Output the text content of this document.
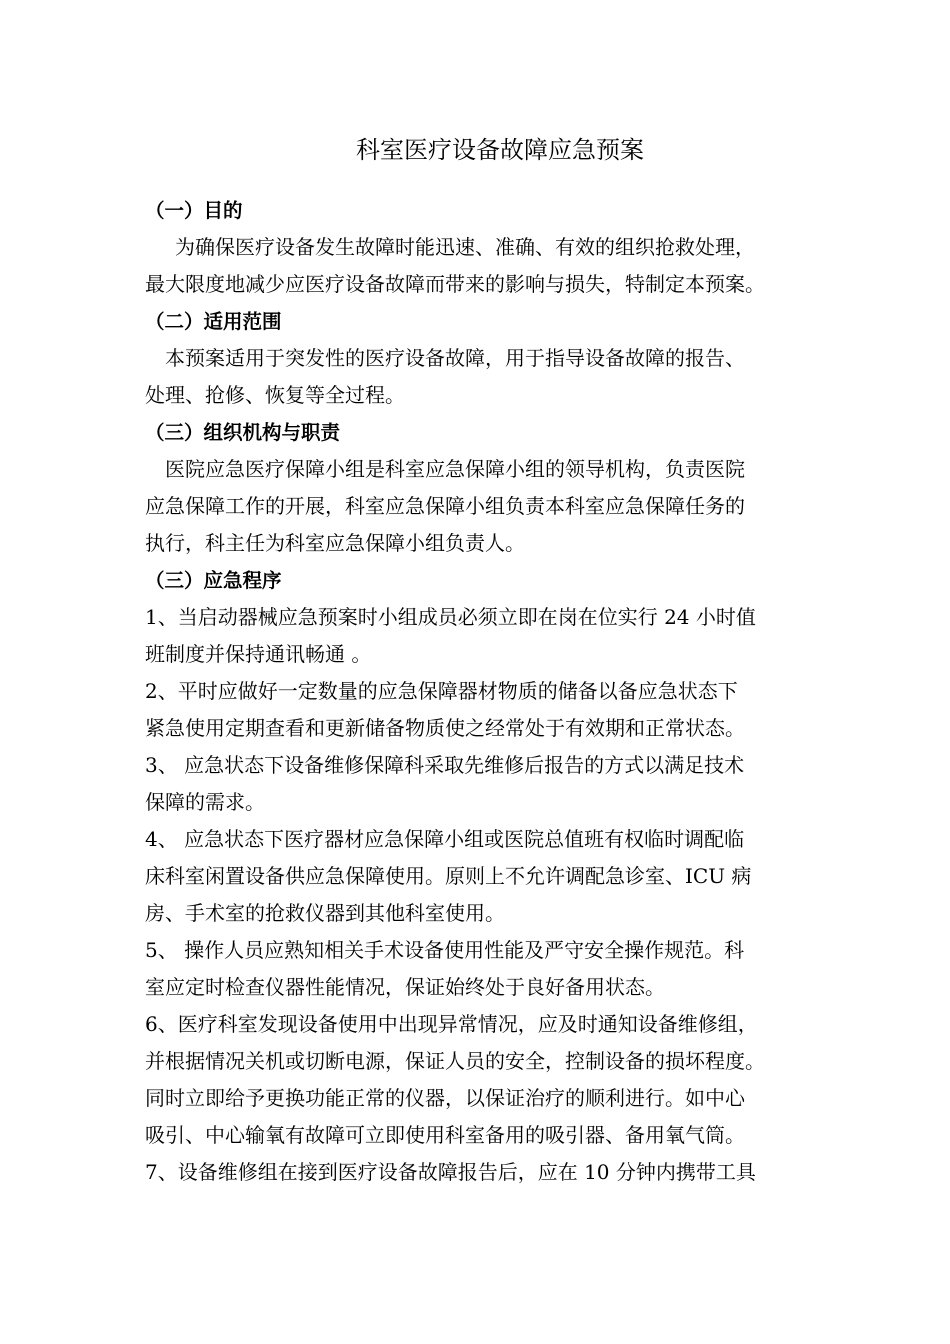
科室医疗设备故障应急预案
（一）目的
为确保医疗设备发生故障时能迅速、准确、有效的组织抢救处理，
最大限度地减少应医疗设备故障而带来的影响与损失，特制定本预案。
（二）适用范围
本预案适用于突发性的医疗设备故障，用于指导设备故障的报告、
处理、抢修、恢复等全过程。
（三）组织机构与职责
医院应急医疗保障小组是科室应急保障小组的领导机构，负责医院
应急保障工作的开展，科室应急保障小组负责本科室应急保障任务的
执行，科主任为科室应急保障小组负责人。
（三）应急程序
1、当启动器械应急预案时小组成员必须立即在岗在位实行 24 小时值
班制度并保持通讯畅通 。
2、平时应做好一定数量的应急保障器材物质的储备以备应急状态下
紧急使用定期查看和更新储备物质使之经常处于有效期和正常状态。
3、 应急状态下设备维修保障科采取先维修后报告的方式以满足技术
保障的需求。
4、 应急状态下医疗器材应急保障小组或医院总值班有权临时调配临
床科室闲置设备供应急保障使用。原则上不允许调配急诊室、ICU 病
房、手术室的抢救仪器到其他科室使用。
5、 操作人员应熟知相关手术设备使用性能及严守安全操作规范。科
室应定时检查仪器性能情况，保证始终处于良好备用状态。
6、医疗科室发现设备使用中出现异常情况，应及时通知设备维修组，
并根据情况关机或切断电源，保证人员的安全，控制设备的损坏程度。
同时立即给予更换功能正常的仪器，以保证治疗的顺利进行。如中心
吸引、中心输氧有故障可立即使用科室备用的吸引器、备用氧气筒。
7、设备维修组在接到医疗设备故障报告后，应在 10 分钟内携带工具
